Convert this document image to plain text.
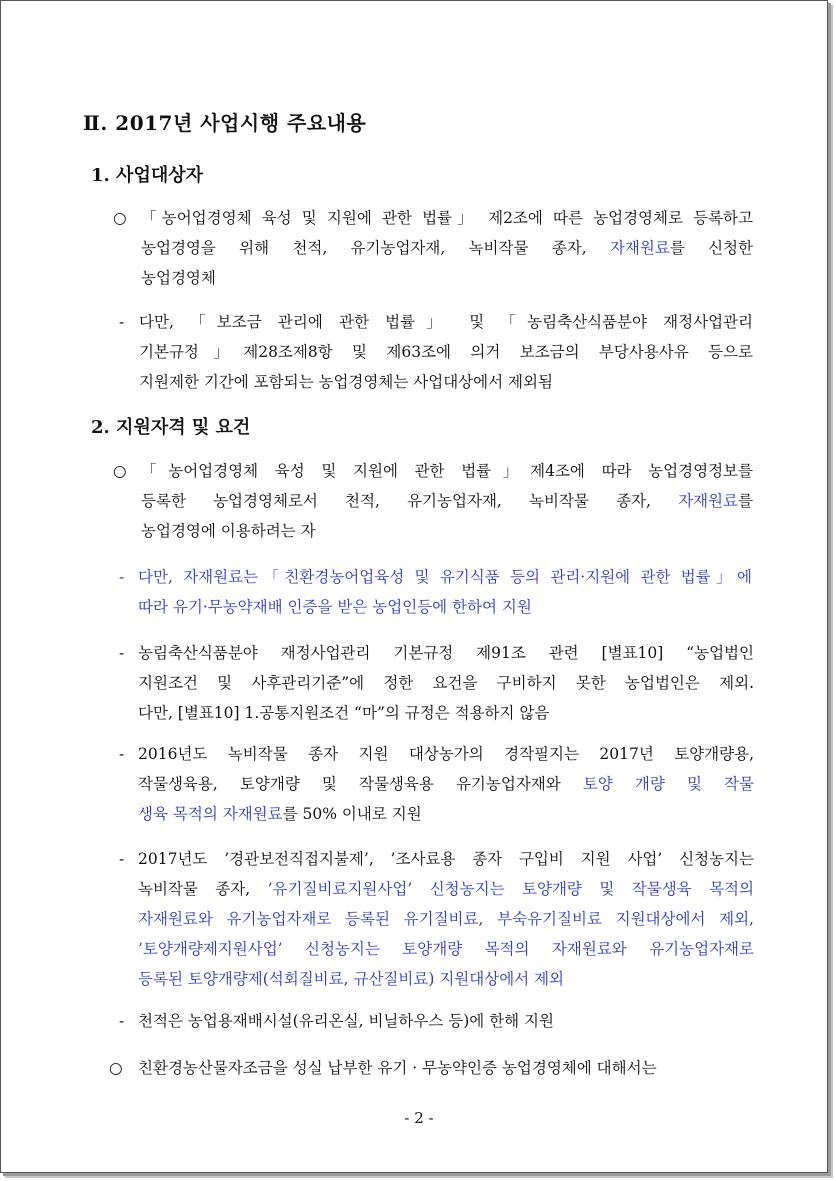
Ⅱ. 2017년 사업시행 주요내용
1. 사업대상자
2. 지원자격 및 요건
- 2 -
○ 「농어업경영체 육성 및 지원에 관한 법률」 제2조에 따른 농업경영체로 등록하고
농업경영을 위해 천적, 유기농업자재, 녹비작물 종자, 자재원료를 신청한
농업경영체
- 다만, 「보조금 관리에 관한 법률」 및 「농림축산식품분야 재정사업관리
기본규정」제28조제8항 및 제63조에 의거 보조금의 부당사용사유 등으로
지원제한 기간에 포함되는 농업경영체는 사업대상에서 제외됨
○ 「농어업경영체 육성 및 지원에 관한 법률」제4조에 따라 농업경영정보를
등록한 농업경영체로서 천적, 유기농업자재, 녹비작물 종자, 자재원료를
농업경영에 이용하려는 자
- 다만, 자재원료는「친환경농어업육성 및 유기식품 등의 관리·지원에 관한 법률」에
따라 유기·무농약재배 인증을 받은 농업인등에 한하여 지원
- 농림축산식품분야 재정사업관리 기본규정 제91조 관련 [별표10] “농업법인
지원조건 및 사후관리기준”에 정한 요건을 구비하지 못한 농업법인은 제외.
다만, [별표10] 1.공통지원조건 “마”의 규정은 적용하지 않음
- 2016년도 녹비작물 종자 지원 대상농가의 경작필지는 2017년 토양개량용,
작물생육용, 토양개량 및 작물생육용 유기농업자재와 토양 개량 및 작물
생육 목적의 자재원료를 50% 이내로 지원
- 2017년도 ’경관보전직접지불제’, ’조사료용 종자 구입비 지원 사업’ 신청농지는
녹비작물 종자, ’유기질비료지원사업’ 신청농지는 토양개량 및 작물생육 목적의
자재원료와 유기농업자재로 등록된 유기질비료, 부숙유기질비료 지원대상에서 제외,
’토양개량제지원사업’ 신청농지는 토양개량 목적의 자재원료와 유기농업자재로
등록된 토양개량제(석회질비료, 규산질비료) 지원대상에서 제외
- 천적은 농업용재배시설(유리온실, 비닐하우스 등)에 한해 지원
○ 친환경농산물자조금을 성실 납부한 유기 · 무농약인증 농업경영체에 대해서는
